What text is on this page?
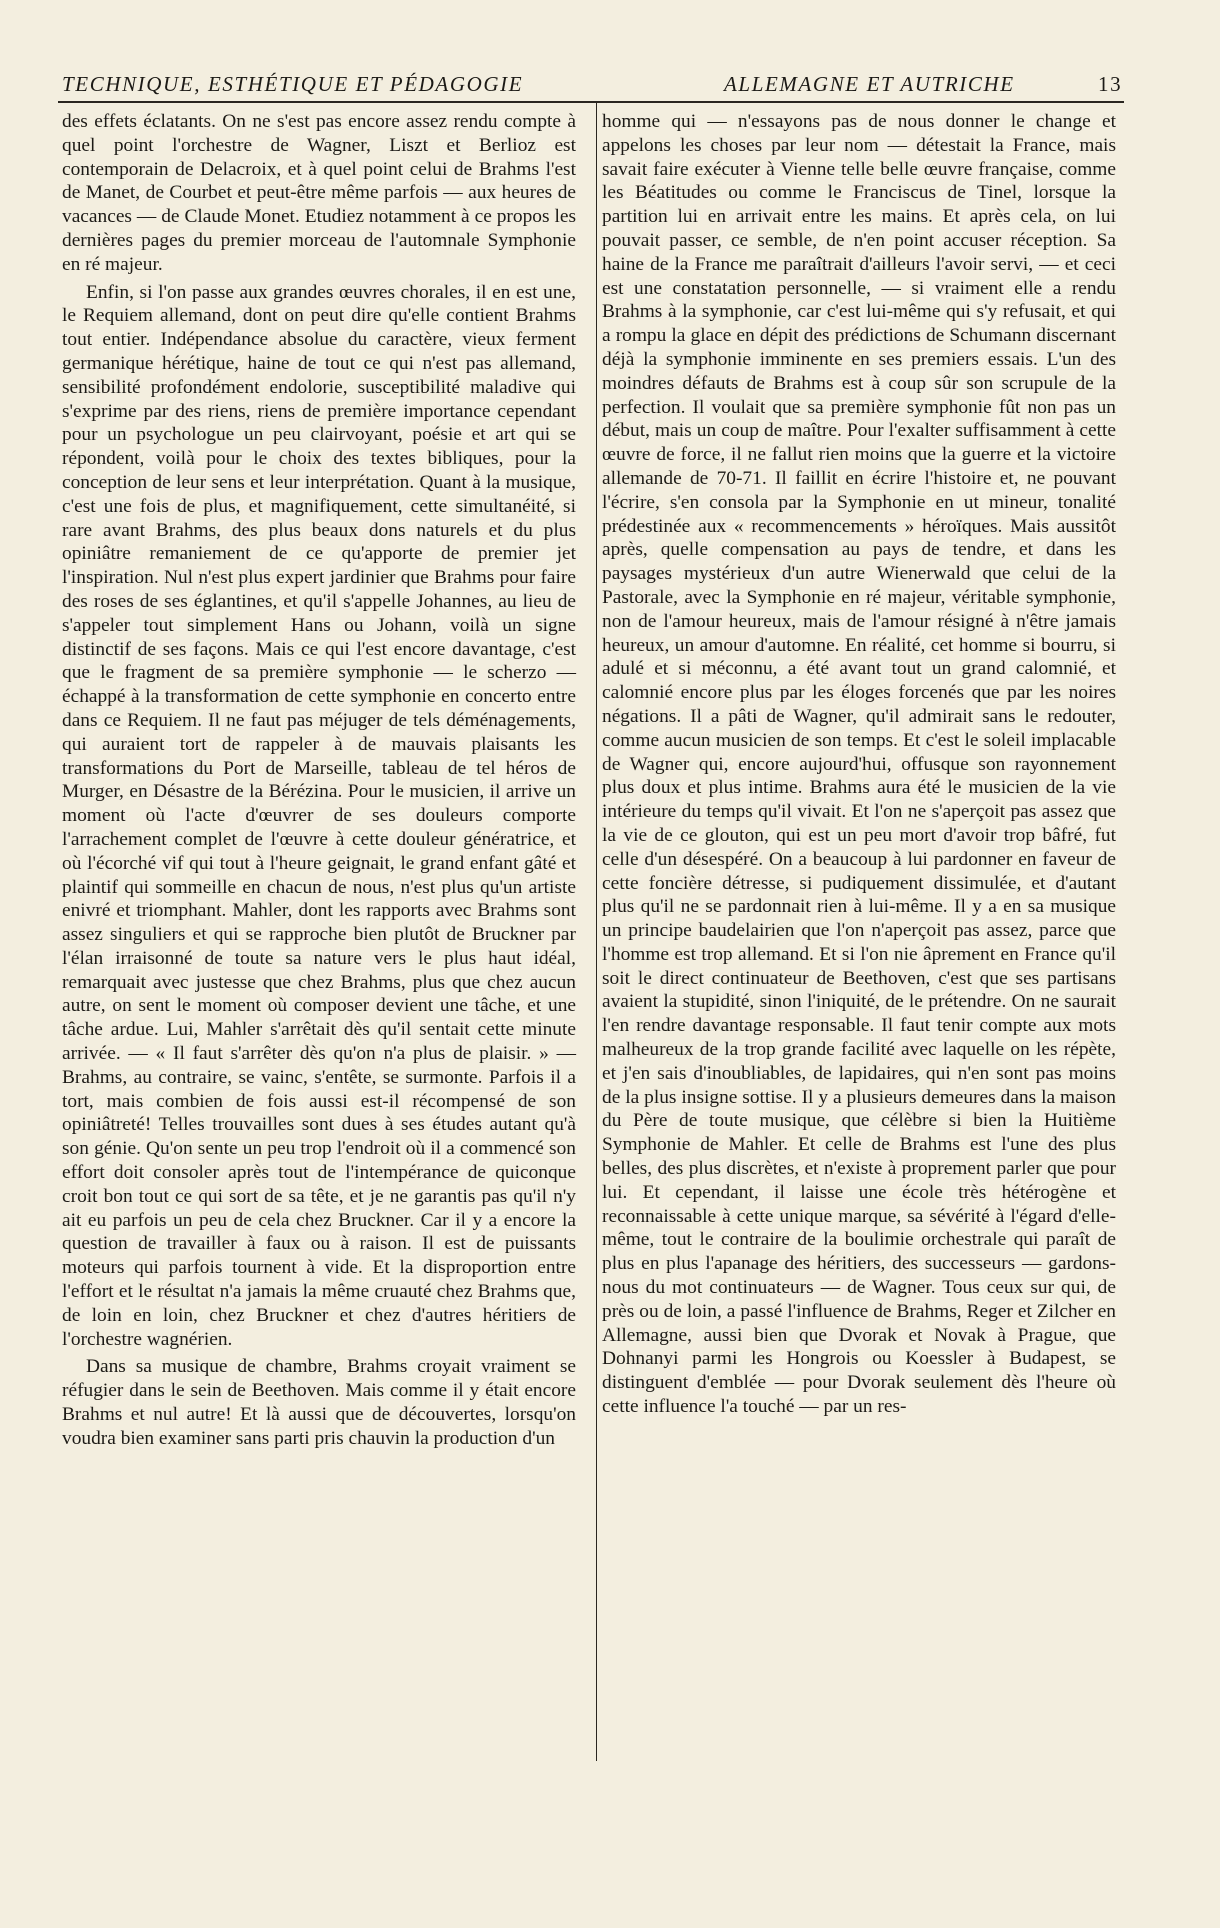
TECHNIQUE, ESTHÉTIQUE ET PÉDAGOGIE	ALLEMAGNE ET AUTRICHE	13

des effets éclatants. On ne s'est pas encore assez rendu compte à quel point l'orchestre de Wagner, Liszt et Berlioz est contemporain de Delacroix, et à quel point celui de Brahms l'est de Manet, de Courbet et peut-être même parfois — aux heures de vacances — de Claude Monet. Etudiez notamment à ce propos les dernières pages du premier morceau de l'automnale Symphonie en ré majeur.

Enfin, si l'on passe aux grandes œuvres chorales, il en est une, le Requiem allemand, dont on peut dire qu'elle contient Brahms tout entier. Indépendance absolue du caractère, vieux ferment germanique hérétique, haine de tout ce qui n'est pas allemand, sensibilité profondément endolorie, susceptibilité maladive qui s'exprime par des riens, riens de première importance cependant pour un psychologue un peu clairvoyant, poésie et art qui se répondent, voilà pour le choix des textes bibliques, pour la conception de leur sens et leur interprétation. Quant à la musique, c'est une fois de plus, et magnifiquement, cette simultanéité, si rare avant Brahms, des plus beaux dons naturels et du plus opiniâtre remaniement de ce qu'apporte de premier jet l'inspiration. Nul n'est plus expert jardinier que Brahms pour faire des roses de ses églantines, et qu'il s'appelle Johannes, au lieu de s'appeler tout simplement Hans ou Johann, voilà un signe distinctif de ses façons. Mais ce qui l'est encore davantage, c'est que le fragment de sa première symphonie — le scherzo — échappé à la transformation de cette symphonie en concerto entre dans ce Requiem. Il ne faut pas méjuger de tels déménagements, qui auraient tort de rappeler à de mauvais plaisants les transformations du Port de Marseille, tableau de tel héros de Murger, en Désastre de la Bérézina. Pour le musicien, il arrive un moment où l'acte d'œuvrer de ses douleurs comporte l'arrachement complet de l'œuvre à cette douleur génératrice, et où l'écorché vif qui tout à l'heure geignait, le grand enfant gâté et plaintif qui sommeille en chacun de nous, n'est plus qu'un artiste enivré et triomphant. Mahler, dont les rapports avec Brahms sont assez singuliers et qui se rapproche bien plutôt de Bruckner par l'élan irraisonné de toute sa nature vers le plus haut idéal, remarquait avec justesse que chez Brahms, plus que chez aucun autre, on sent le moment où composer devient une tâche, et une tâche ardue. Lui, Mahler s'arrêtait dès qu'il sentait cette minute arrivée. — « Il faut s'arrêter dès qu'on n'a plus de plaisir. » — Brahms, au contraire, se vainc, s'entête, se surmonte. Parfois il a tort, mais combien de fois aussi est-il récompensé de son opiniâtreté! Telles trouvailles sont dues à ses études autant qu'à son génie. Qu'on sente un peu trop l'endroit où il a commencé son effort doit consoler après tout de l'intempérance de quiconque croit bon tout ce qui sort de sa tête, et je ne garantis pas qu'il n'y ait eu parfois un peu de cela chez Bruckner. Car il y a encore la question de travailler à faux ou à raison. Il est de puissants moteurs qui parfois tournent à vide. Et la disproportion entre l'effort et le résultat n'a jamais la même cruauté chez Brahms que, de loin en loin, chez Bruckner et chez d'autres héritiers de l'orchestre wagnérien.

Dans sa musique de chambre, Brahms croyait vraiment se réfugier dans le sein de Beethoven. Mais comme il y était encore Brahms et nul autre! Et là aussi que de découvertes, lorsqu'on voudra bien examiner sans parti pris chauvin la production d'un

homme qui — n'essayons pas de nous donner le change et appelons les choses par leur nom — détestait la France, mais savait faire exécuter à Vienne telle belle œuvre française, comme les Béatitudes ou comme le Franciscus de Tinel, lorsque la partition lui en arrivait entre les mains. Et après cela, on lui pouvait passer, ce semble, de n'en point accuser réception. Sa haine de la France me paraîtrait d'ailleurs l'avoir servi, — et ceci est une constatation personnelle, — si vraiment elle a rendu Brahms à la symphonie, car c'est lui-même qui s'y refusait, et qui a rompu la glace en dépit des prédictions de Schumann discernant déjà la symphonie imminente en ses premiers essais. L'un des moindres défauts de Brahms est à coup sûr son scrupule de la perfection. Il voulait que sa première symphonie fût non pas un début, mais un coup de maître. Pour l'exalter suffisamment à cette œuvre de force, il ne fallut rien moins que la guerre et la victoire allemande de 70-71. Il faillit en écrire l'histoire et, ne pouvant l'écrire, s'en consola par la Symphonie en ut mineur, tonalité prédestinée aux « recommencements » héroïques. Mais aussitôt après, quelle compensation au pays de tendre, et dans les paysages mystérieux d'un autre Wienerwald que celui de la Pastorale, avec la Symphonie en ré majeur, véritable symphonie, non de l'amour heureux, mais de l'amour résigné à n'être jamais heureux, un amour d'automne. En réalité, cet homme si bourru, si adulé et si méconnu, a été avant tout un grand calomnié, et calomnié encore plus par les éloges forcenés que par les noires négations. Il a pâti de Wagner, qu'il admirait sans le redouter, comme aucun musicien de son temps. Et c'est le soleil implacable de Wagner qui, encore aujourd'hui, offusque son rayonnement plus doux et plus intime. Brahms aura été le musicien de la vie intérieure du temps qu'il vivait. Et l'on ne s'aperçoit pas assez que la vie de ce glouton, qui est un peu mort d'avoir trop bâfré, fut celle d'un désespéré. On a beaucoup à lui pardonner en faveur de cette foncière détresse, si pudiquement dissimulée, et d'autant plus qu'il ne se pardonnait rien à lui-même. Il y a en sa musique un principe baudelairien que l'on n'aperçoit pas assez, parce que l'homme est trop allemand. Et si l'on nie âprement en France qu'il soit le direct continuateur de Beethoven, c'est que ses partisans avaient la stupidité, sinon l'iniquité, de le prétendre. On ne saurait l'en rendre davantage responsable. Il faut tenir compte aux mots malheureux de la trop grande facilité avec laquelle on les répète, et j'en sais d'inoubliables, de lapidaires, qui n'en sont pas moins de la plus insigne sottise. Il y a plusieurs demeures dans la maison du Père de toute musique, que célèbre si bien la Huitième Symphonie de Mahler. Et celle de Brahms est l'une des plus belles, des plus discrètes, et n'existe à proprement parler que pour lui. Et cependant, il laisse une école très hétérogène et reconnaissable à cette unique marque, sa sévérité à l'égard d'elle-même, tout le contraire de la boulimie orchestrale qui paraît de plus en plus l'apanage des héritiers, des successeurs — gardons-nous du mot continuateurs — de Wagner. Tous ceux sur qui, de près ou de loin, a passé l'influence de Brahms, Reger et Zilcher en Allemagne, aussi bien que Dvorak et Novak à Prague, que Dohnanyi parmi les Hongrois ou Koessler à Budapest, se distinguent d'emblée — pour Dvorak seulement dès l'heure où cette influence l'a touché — par un res-
